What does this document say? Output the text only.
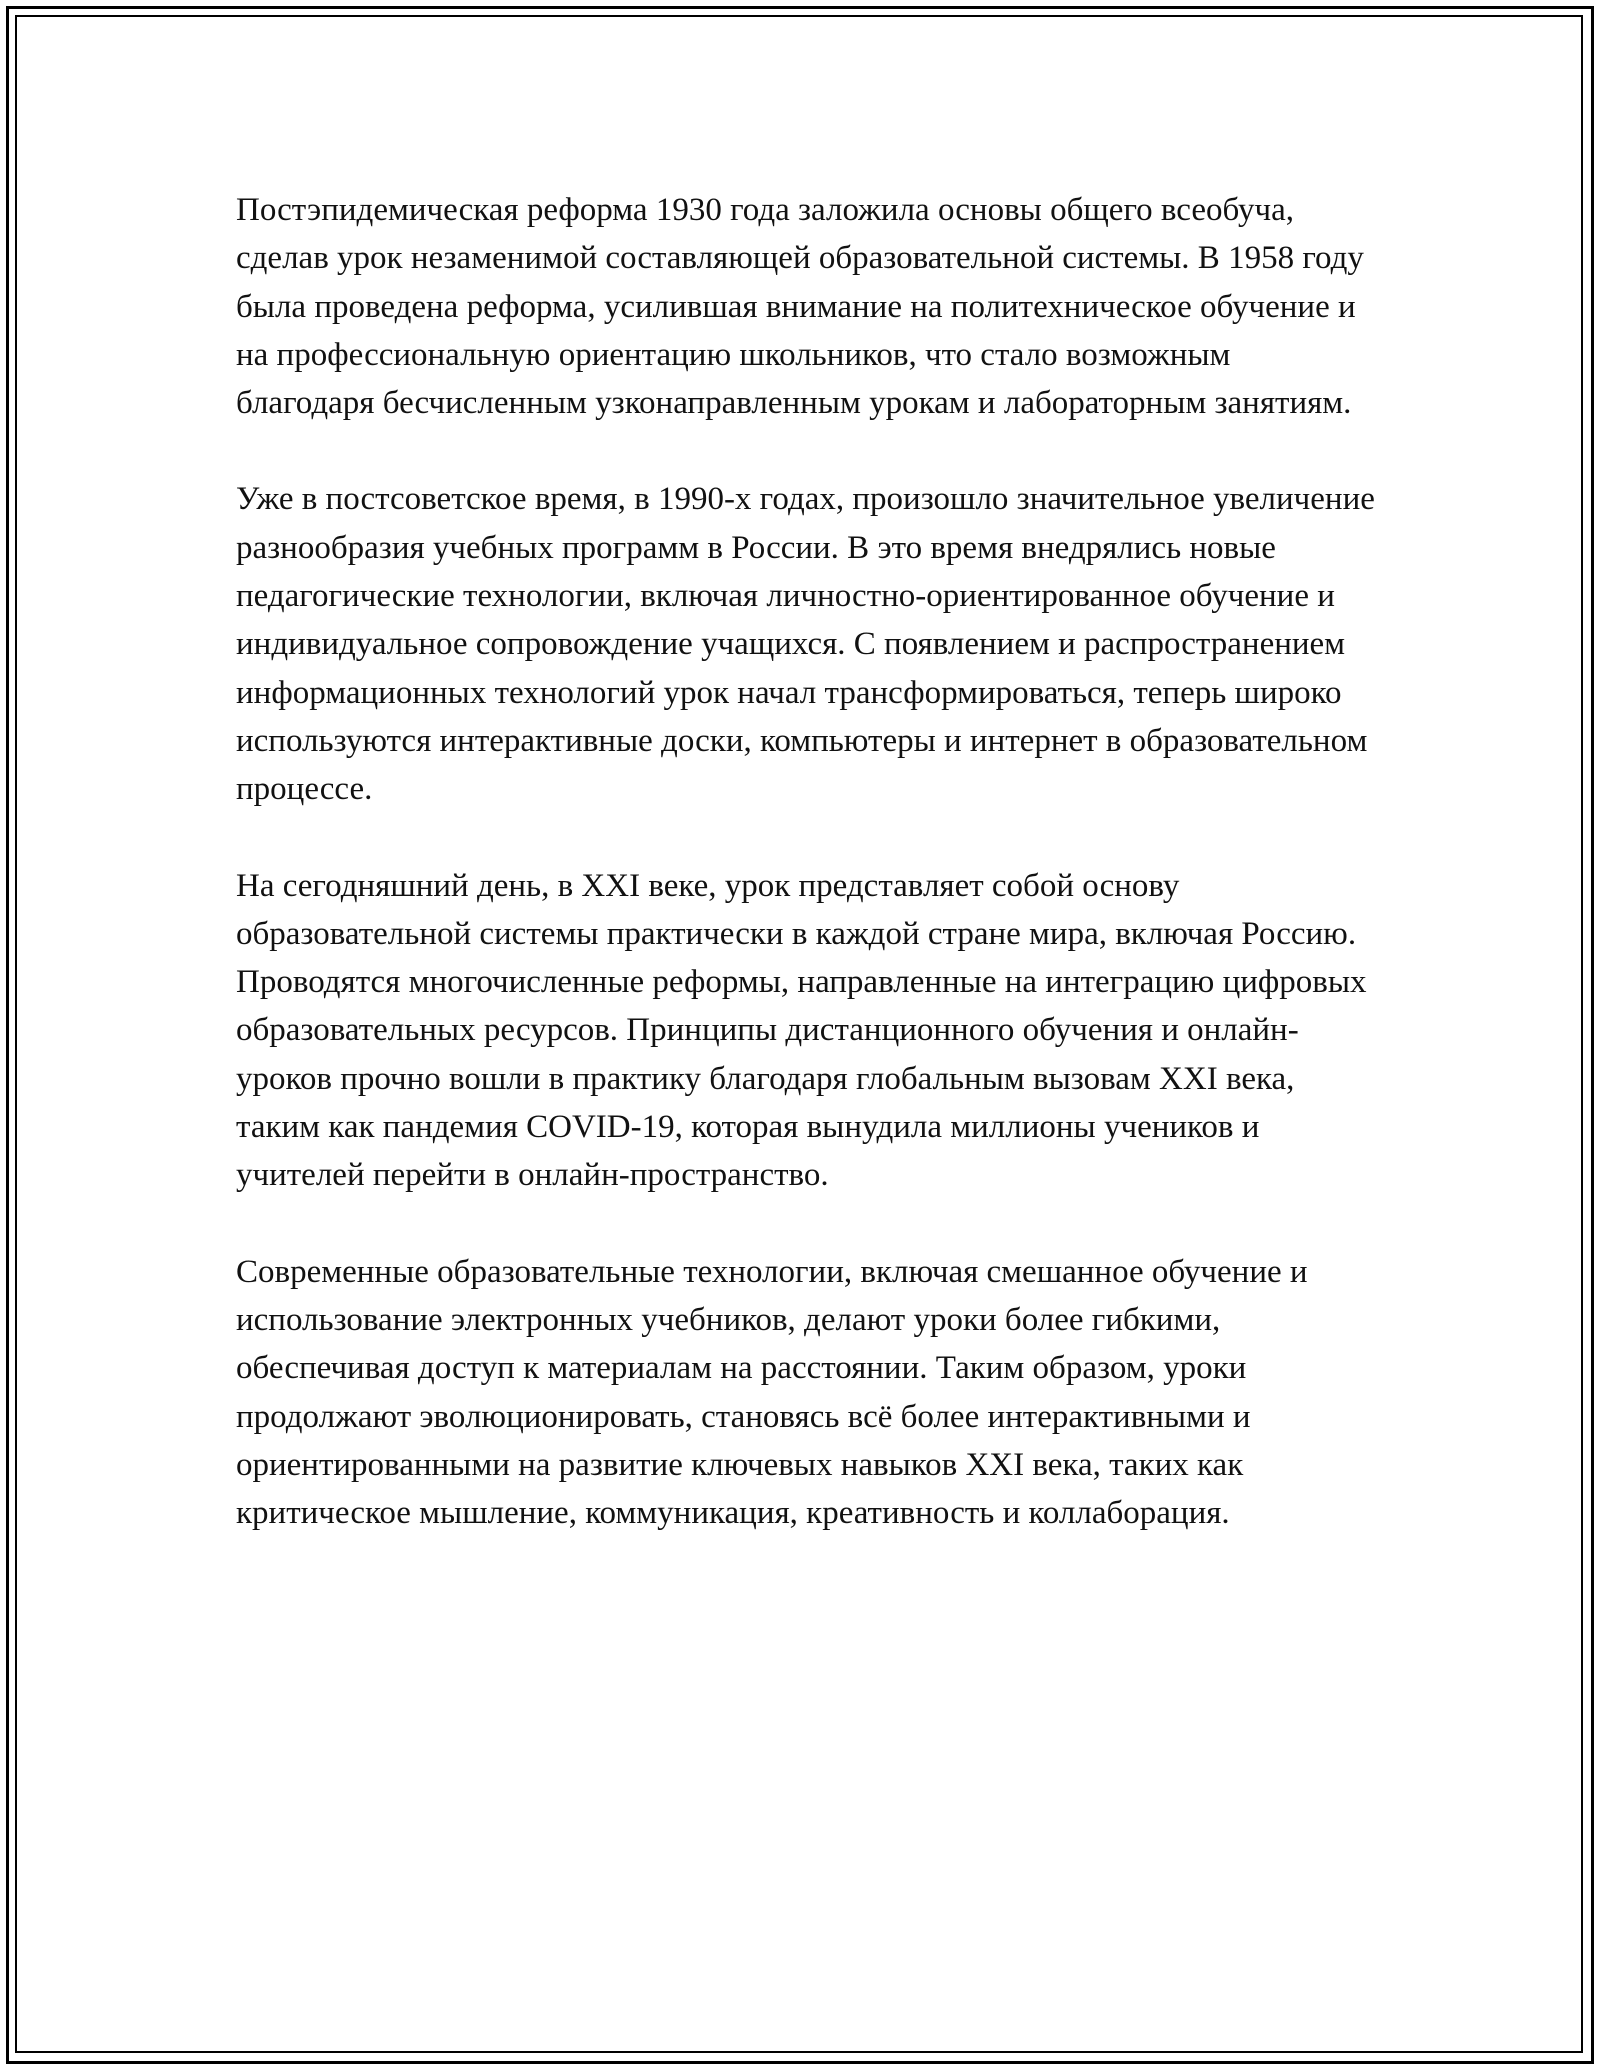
Постэпидемическая реформа 1930 года заложила основы общего всеобуча, сделав урок незаменимой составляющей образовательной системы. В 1958 году была проведена реформа, усилившая внимание на политехническое обучение и на профессиональную ориентацию школьников, что стало возможным благодаря бесчисленным узконаправленным урокам и лабораторным занятиям.

Уже в постсоветское время, в 1990-х годах, произошло значительное увеличение разнообразия учебных программ в России. В это время внедрялись новые педагогические технологии, включая личностно-ориентированное обучение и индивидуальное сопровождение учащихся. С появлением и распространением информационных технологий урок начал трансформироваться, теперь широко используются интерактивные доски, компьютеры и интернет в образовательном процессе.

На сегодняшний день, в XXI веке, урок представляет собой основу образовательной системы практически в каждой стране мира, включая Россию. Проводятся многочисленные реформы, направленные на интеграцию цифровых образовательных ресурсов. Принципы дистанционного обучения и онлайн-уроков прочно вошли в практику благодаря глобальным вызовам XXI века, таким как пандемия COVID-19, которая вынудила миллионы учеников и учителей перейти в онлайн-пространство.

Современные образовательные технологии, включая смешанное обучение и использование электронных учебников, делают уроки более гибкими, обеспечивая доступ к материалам на расстоянии. Таким образом, уроки продолжают эволюционировать, становясь всё более интерактивными и ориентированными на развитие ключевых навыков XXI века, таких как критическое мышление, коммуникация, креативность и коллаборация.
